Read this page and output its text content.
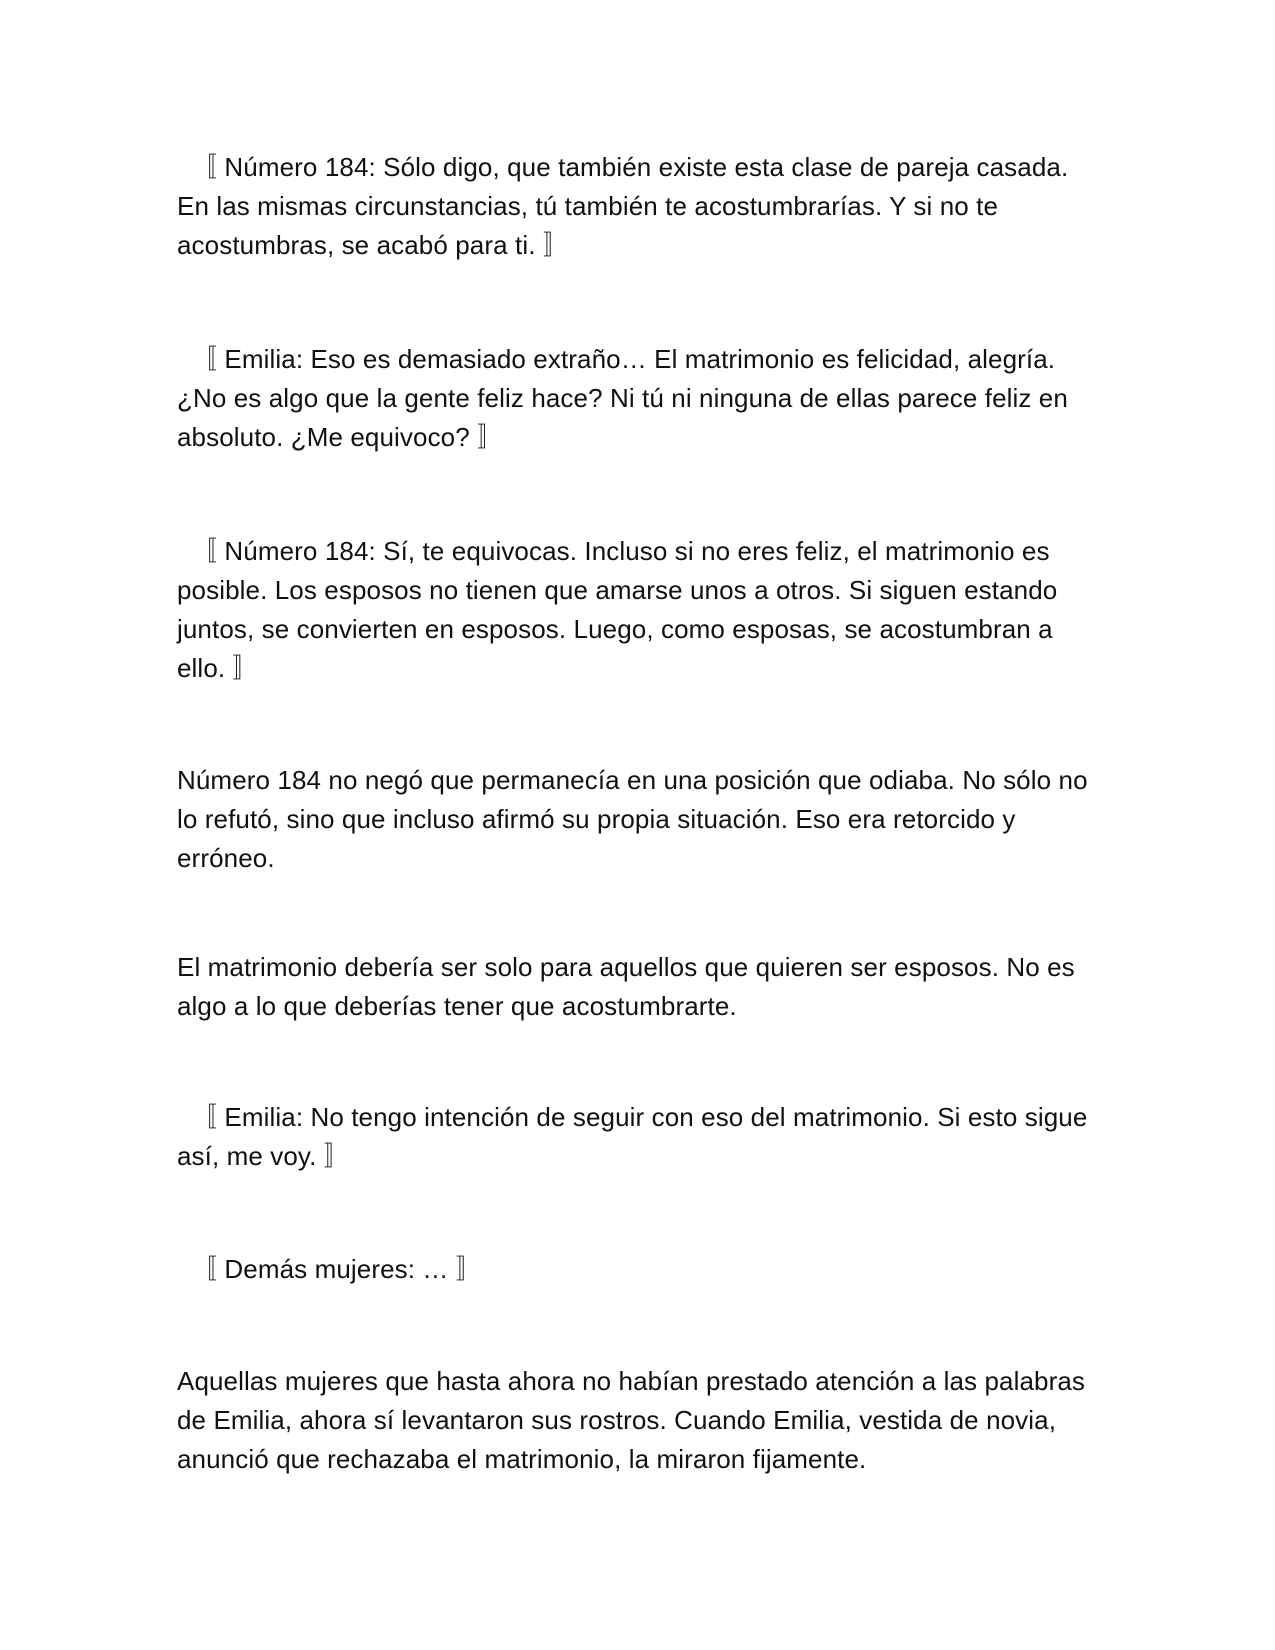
〚 Número 184: Sólo digo, que también existe esta clase de pareja casada. En las mismas circunstancias, tú también te acostumbrarías. Y si no te acostumbras, se acabó para ti. 〛

〚 Emilia: Eso es demasiado extraño… El matrimonio es felicidad, alegría. ¿No es algo que la gente feliz hace? Ni tú ni ninguna de ellas parece feliz en absoluto. ¿Me equivoco? 〛

〚 Número 184: Sí, te equivocas. Incluso si no eres feliz, el matrimonio es posible. Los esposos no tienen que amarse unos a otros. Si siguen estando juntos, se convierten en esposos. Luego, como esposas, se acostumbran a ello. 〛

Número 184 no negó que permanecía en una posición que odiaba. No sólo no lo refutó, sino que incluso afirmó su propia situación. Eso era retorcido y erróneo.

El matrimonio debería ser solo para aquellos que quieren ser esposos. No es algo a lo que deberías tener que acostumbrarte.

〚 Emilia: No tengo intención de seguir con eso del matrimonio. Si esto sigue así, me voy. 〛

〚 Demás mujeres: … 〛

Aquellas mujeres que hasta ahora no habían prestado atención a las palabras de Emilia, ahora sí levantaron sus rostros. Cuando Emilia, vestida de novia, anunció que rechazaba el matrimonio, la miraron fijamente.
